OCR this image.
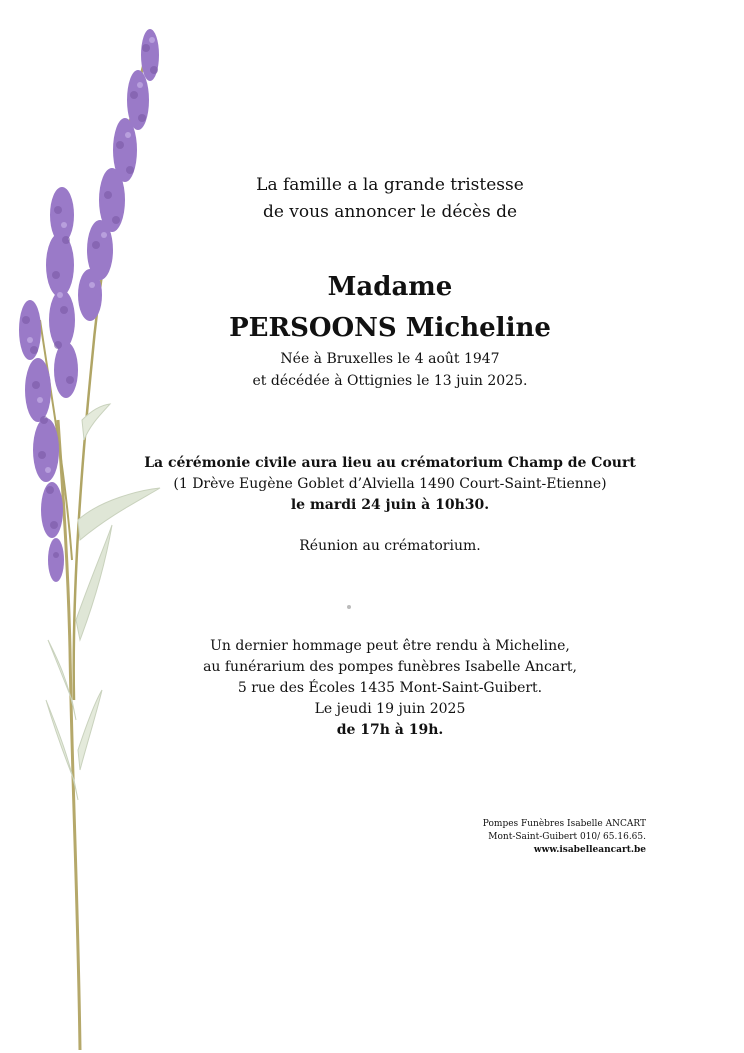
La famille a la grande tristesse
de vous annoncer le décès de
Madame
PERSOONS Micheline
Née à Bruxelles le 4 août 1947
et décédée à Ottignies le 13 juin 2025.
La cérémonie civile aura lieu au crématorium Champ de Court
(1 Drève Eugène Goblet d’Alviella 1490 Court-Saint-Etienne)
le mardi 24 juin à 10h30.
Réunion au crématorium.
Un dernier hommage peut être rendu à Micheline,
au funérarium des pompes funèbres Isabelle Ancart,
5 rue des Écoles 1435 Mont-Saint-Guibert.
Le jeudi 19 juin 2025
de 17h à 19h.
Pompes Funèbres Isabelle ANCART
Mont-Saint-Guibert 010/ 65.16.65.
www.isabelleancart.be
